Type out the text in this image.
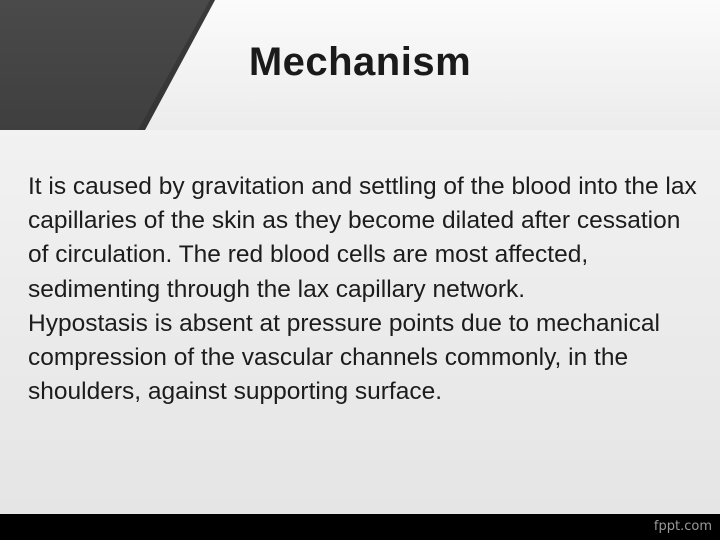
Mechanism

It is caused by gravitation and settling of the blood into the lax capillaries of the skin as they become dilated after cessation of circulation. The red blood cells are most affected, sedimenting through the lax capillary network.

Hypostasis is absent at pressure points due to mechanical compression of the vascular channels commonly, in the shoulders, against supporting surface.

fppt.com
